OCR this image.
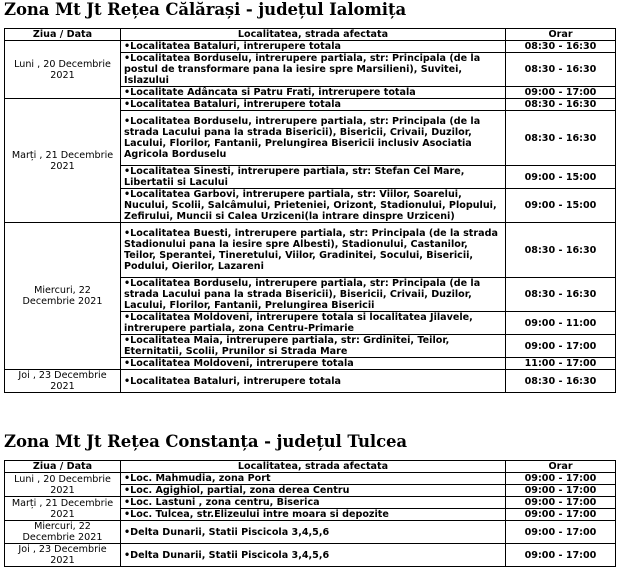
Zona Mt Jt Rețea Călărași - județul Ialomița
Ziua / Data	Localitatea, strada afectata	Orar
Luni , 20 Decembrie 2021	•Localitatea Bataluri, intrerupere totala	08:30 - 16:30
	•Localitatea Borduselu, intrerupere partiala, str: Principala (de la postul de transformare pana la iesire spre Marsilieni), Suvitei, Islazului	08:30 - 16:30
	•Localitate Adâncata si Patru Frati, intrerupere totala	09:00 - 17:00
Marți , 21 Decembrie 2021	•Localitatea Bataluri, intrerupere totala	08:30 - 16:30
	•Localitatea Borduselu, intrerupere partiala, str: Principala (de la strada Lacului pana la strada Bisericii), Bisericii, Crivaii, Duzilor, Lacului, Florilor, Fantanii, Prelungirea Bisericii inclusiv Asociatia Agricola Borduselu	08:30 - 16:30
	•Localitatea Sinesti, intrerupere partiala, str: Stefan Cel Mare, Libertatii si Lacului	09:00 - 15:00
	•Localitatea Garbovi, intrerupere partiala, str: Viilor, Soarelui, Nucului, Scolii, Salcâmului, Prieteniei, Orizont, Stadionului, Plopului, Zefirului, Muncii si Calea Urziceni(la intrare dinspre Urziceni)	09:00 - 15:00
Miercuri, 22 Decembrie 2021	•Localitatea Buesti, intrerupere partiala, str: Principala (de la strada Stadionului pana la iesire spre Albesti), Stadionului, Castanilor, Teilor, Sperantei, Tineretului, Viilor, Gradinitei, Socului, Bisericii, Podului, Oierilor, Lazareni	08:30 - 16:30
	•Localitatea Borduselu, intrerupere partiala, str: Principala (de la strada Lacului pana la strada Bisericii), Bisericii, Crivaii, Duzilor, Lacului, Florilor, Fantanii, Prelungirea Bisericii	08:30 - 16:30
	•Localitatea Moldoveni, intrerupere totala si localitatea Jilavele, intrerupere partiala, zona Centru-Primarie	09:00 - 11:00
	•Localitatea Maia, intrerupere partiala, str: Grdinitei, Teilor, Eternitatii, Scolii, Prunilor si Strada Mare	09:00 - 17:00
	•Localitatea Moldoveni, intrerupere totala	11:00 - 17:00
Joi , 23 Decembrie 2021	•Localitatea Bataluri, intrerupere totala	08:30 - 16:30
Zona Mt Jt Rețea Constanța - județul Tulcea
Ziua / Data	Localitatea, strada afectata	Orar
Luni , 20 Decembrie 2021	•Loc. Mahmudia, zona Port	09:00 - 17:00
	•Loc. Agighiol, partial, zona derea Centru	09:00 - 17:00
Marți , 21 Decembrie 2021	•Loc. Lastuni , zona centru, Biserica	09:00 - 17:00
	•Loc. Tulcea, str.Elizeului intre moara si depozite	09:00 - 17:00
Miercuri, 22 Decembrie 2021	•Delta Dunarii, Statii Piscicola 3,4,5,6	09:00 - 17:00
Joi , 23 Decembrie 2021	•Delta Dunarii, Statii Piscicola 3,4,5,6	09:00 - 17:00
